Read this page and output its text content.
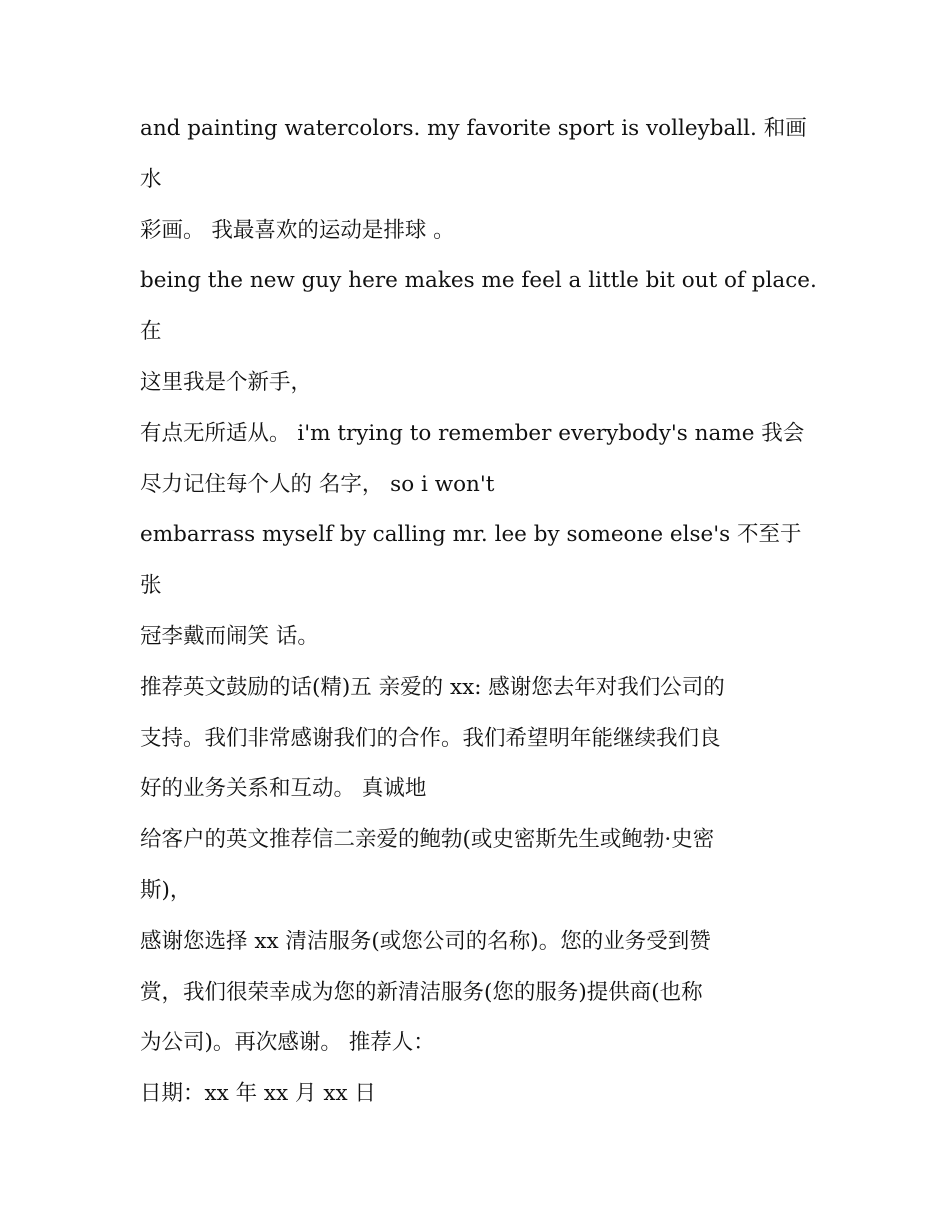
and painting watercolors. my favorite sport is volleyball. 和画水
彩画。 我最喜欢的运动是排球 。

being the new guy here makes me feel a little bit out of place. 在
这里我是个新手，

有点无所适从。 i'm trying to remember everybody's name 我会
尽力记住每个人的 名字， so i won't

embarrass myself by calling mr. lee by someone else's 不至于张
冠李戴而闹笑 话。

推荐英文鼓励的话(精)五 亲爱的 xx: 感谢您去年对我们公司的
支持。我们非常感谢我们的合作。我们希望明年能继续我们良
好的业务关系和互动。 真诚地

给客户的英文推荐信二亲爱的鲍勃(或史密斯先生或鲍勃·史密
斯)，

感谢您选择 xx 清洁服务(或您公司的名称)。您的业务受到赞
赏，我们很荣幸成为您的新清洁服务(您的服务)提供商(也称
为公司)。再次感谢。 推荐人：

日期：xx 年 xx 月 xx 日
